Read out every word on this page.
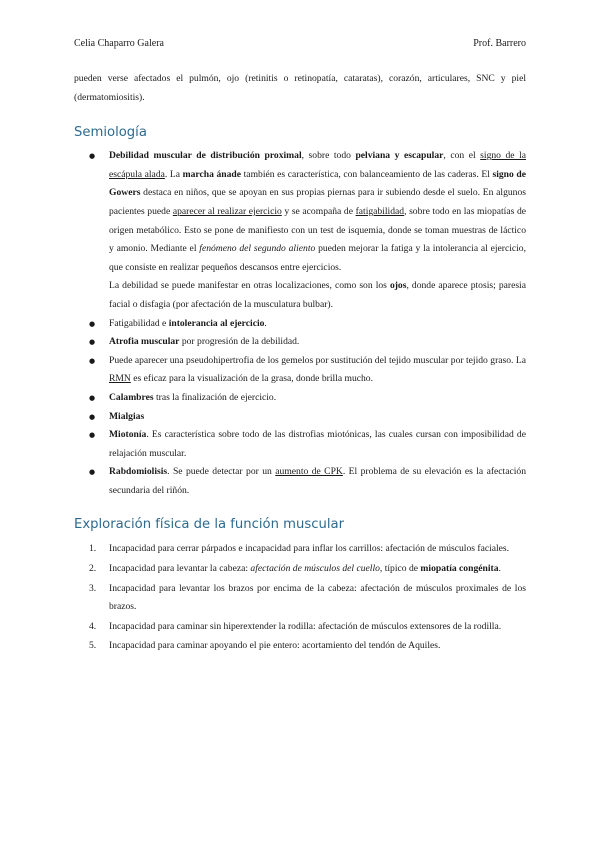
Celia Chaparro Galera	Prof. Barrero

pueden verse afectados el pulmón, ojo (retinitis o retinopatía, cataratas), corazón, articulares, SNC y piel (dermatomiositis).

Semiología
● Debilidad muscular de distribución proximal, sobre todo pelviana y escapular, con el signo de la escápula alada. La marcha ánade también es característica, con balanceamiento de las caderas. El signo de Gowers destaca en niños, que se apoyan en sus propias piernas para ir subiendo desde el suelo. En algunos pacientes puede aparecer al realizar ejercicio y se acompaña de fatigabilidad, sobre todo en las miopatías de origen metabólico. Esto se pone de manifiesto con un test de isquemia, donde se toman muestras de láctico y amonio. Mediante el fenómeno del segundo aliento pueden mejorar la fatiga y la intolerancia al ejercicio, que consiste en realizar pequeños descansos entre ejercicios.
La debilidad se puede manifestar en otras localizaciones, como son los ojos, donde aparece ptosis; paresia facial o disfagia (por afectación de la musculatura bulbar).
● Fatigabilidad e intolerancia al ejercicio.
● Atrofia muscular por progresión de la debilidad.
● Puede aparecer una pseudohipertrofia de los gemelos por sustitución del tejido muscular por tejido graso. La RMN es eficaz para la visualización de la grasa, donde brilla mucho.
● Calambres tras la finalización de ejercicio.
● Mialgias
● Miotonía. Es característica sobre todo de las distrofias miotónicas, las cuales cursan con imposibilidad de relajación muscular.
● Rabdomiolisis. Se puede detectar por un aumento de CPK. El problema de su elevación es la afectación secundaria del riñón.
Exploración física de la función muscular
1. Incapacidad para cerrar párpados e incapacidad para inflar los carrillos: afectación de músculos faciales.
2. Incapacidad para levantar la cabeza: afectación de músculos del cuello, típico de miopatía congénita.
3. Incapacidad para levantar los brazos por encima de la cabeza: afectación de músculos proximales de los brazos.
4. Incapacidad para caminar sin hiperextender la rodilla: afectación de músculos extensores de la rodilla.
5. Incapacidad para caminar apoyando el pie entero: acortamiento del tendón de Aquiles.
